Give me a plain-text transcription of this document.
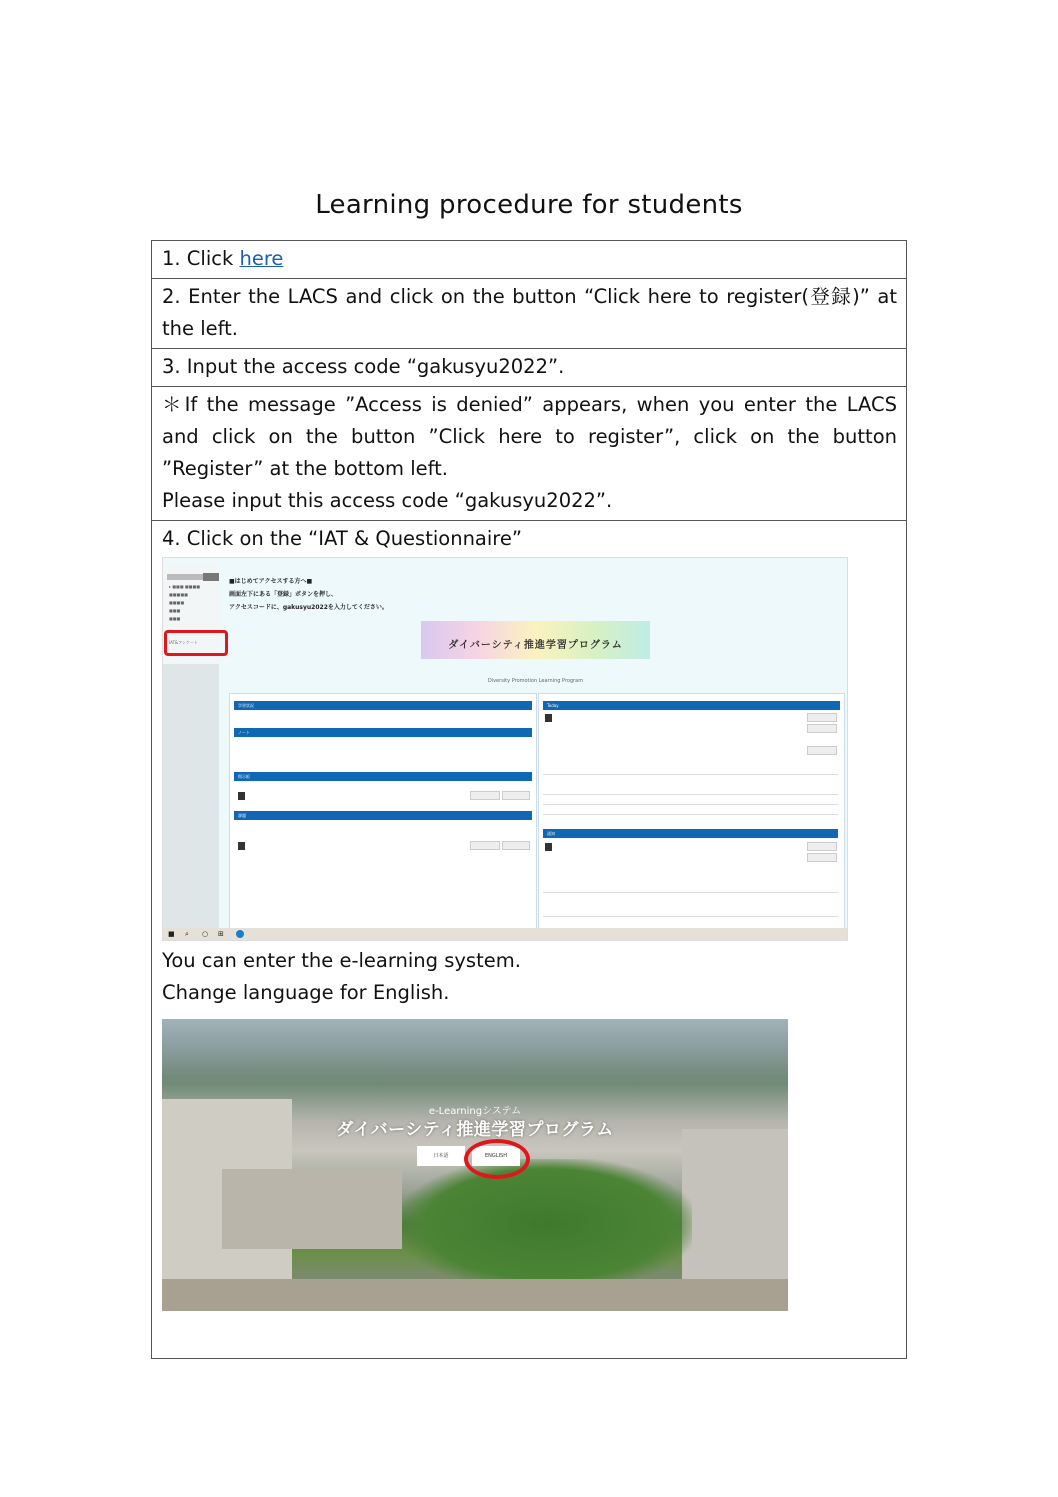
Learning procedure for students
1. Click here
2. Enter the LACS and click on the button “Click here to register(登録)” at the left.
3. Input the access code “gakusyu2022”.
＊If the message ”Access is denied” appears, when you enter the LACS and click on the button ”Click here to register”, click on the button ”Register” at the bottom left.
Please input this access code “gakusyu2022”.
4. Click on the “IAT & Questionnaire”
▸ ■■■ ■■■■
■■■■■
■■■■
■■■
■■■
IAT&アンケート
■はじめてアクセスする方へ■
画面左下にある「登録」ボタンを押し、
アクセスコードに、gakusyu2022を入力してください。
ダイバーシティ推進学習プログラム
Diversity Promotion Learning Program
学習状況
ノート
掲示板
課題
Today
通知
■ ⌕ ○ ⊞
You can enter the e-learning system.
Change language for English.
e-Learningシステム
ダイバーシティ推進学習プログラム
日本語	ENGLISH
